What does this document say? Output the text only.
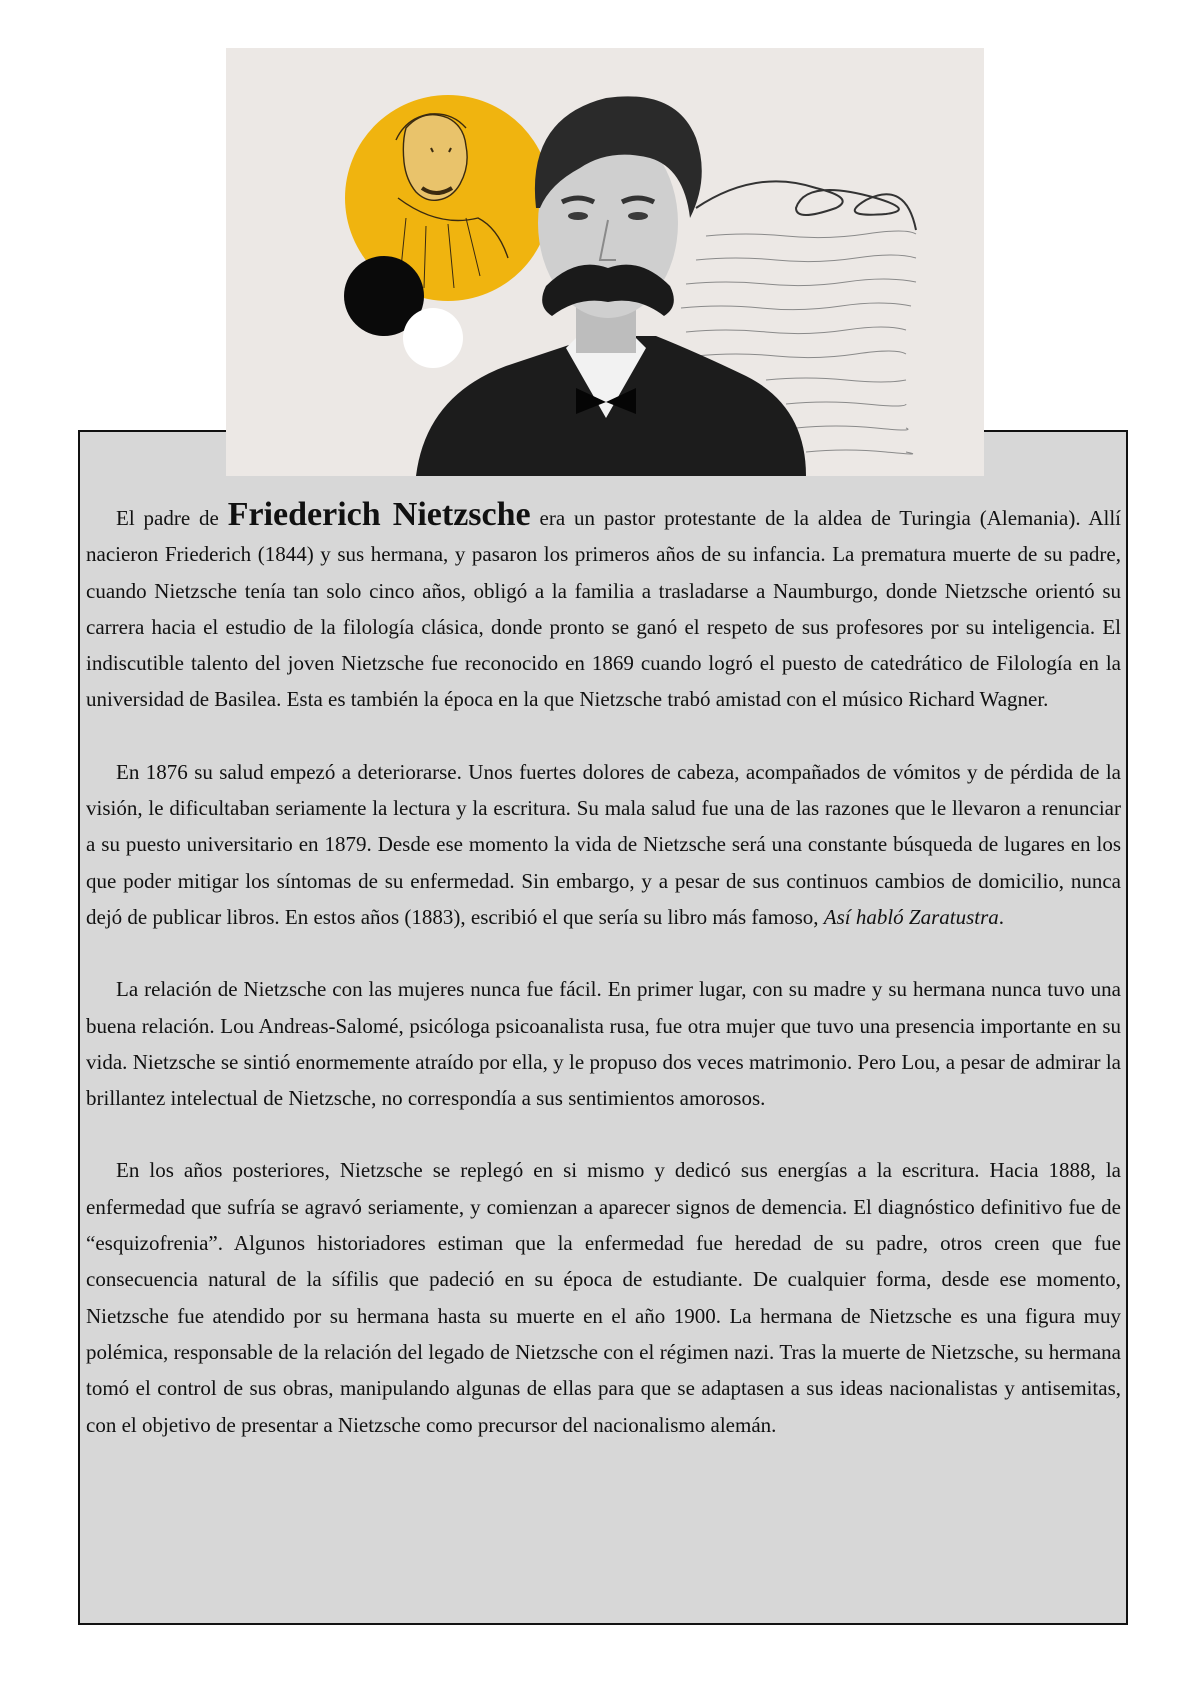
El padre de Friederich Nietzsche era un pastor protestante de la aldea de Turingia (Alemania). Allí nacieron Friederich (1844) y sus hermana, y pasaron los primeros años de su infancia. La prematura muerte de su padre, cuando Nietzsche tenía tan solo cinco años, obligó a la familia a trasladarse a Naumburgo, donde Nietzsche orientó su carrera hacia el estudio de la filología clásica, donde pronto se ganó el respeto de sus profesores por su inteligencia. El indiscutible talento del joven Nietzsche fue reconocido en 1869 cuando logró el puesto de catedrático de Filología en la universidad de Basilea. Esta es también la época en la que Nietzsche trabó amistad con el músico Richard Wagner.

En 1876 su salud empezó a deteriorarse. Unos fuertes dolores de cabeza, acompañados de vómitos y de pérdida de la visión, le dificultaban seriamente la lectura y la escritura. Su mala salud fue una de las razones que le llevaron a renunciar a su puesto universitario en 1879. Desde ese momento la vida de Nietzsche será una constante búsqueda de lugares en los que poder mitigar los síntomas de su enfermedad. Sin embargo, y a pesar de sus continuos cambios de domicilio, nunca dejó de publicar libros. En estos años (1883), escribió el que sería su libro más famoso, Así habló Zaratustra.

La relación de Nietzsche con las mujeres nunca fue fácil. En primer lugar, con su madre y su hermana nunca tuvo una buena relación. Lou Andreas-Salomé, psicóloga psicoanalista rusa, fue otra mujer que tuvo una presencia importante en su vida. Nietzsche se sintió enormemente atraído por ella, y le propuso dos veces matrimonio. Pero Lou, a pesar de admirar la brillantez intelectual de Nietzsche, no correspondía a sus sentimientos amorosos.

En los años posteriores, Nietzsche se replegó en si mismo y dedicó sus energías a la escritura. Hacia 1888, la enfermedad que sufría se agravó seriamente, y comienzan a aparecer signos de demencia. El diagnóstico definitivo fue de “esquizofrenia”. Algunos historiadores estiman que la enfermedad fue heredad de su padre, otros creen que fue consecuencia natural de la sífilis que padeció en su época de estudiante. De cualquier forma, desde ese momento, Nietzsche fue atendido por su hermana hasta su muerte en el año 1900. La hermana de Nietzsche es una figura muy polémica, responsable de la relación del legado de Nietzsche con el régimen nazi. Tras la muerte de Nietzsche, su hermana tomó el control de sus obras, manipulando algunas de ellas para que se adaptasen a sus ideas nacionalistas y antisemitas, con el objetivo de presentar a Nietzsche como precursor del nacionalismo alemán.
